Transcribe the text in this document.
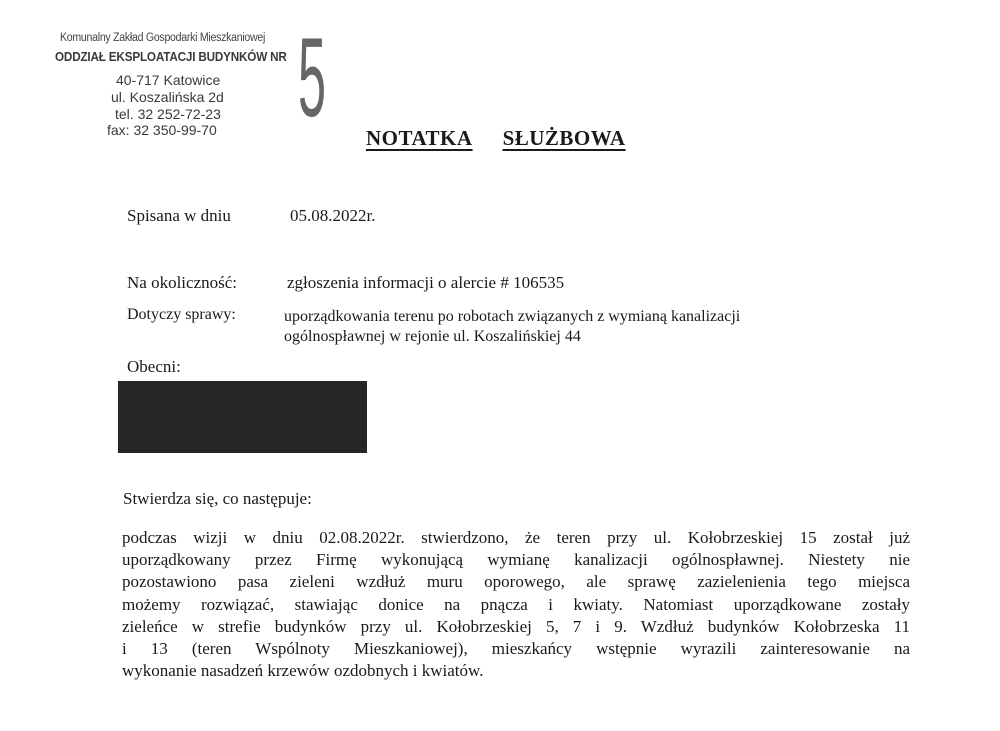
Komunalny Zakład Gospodarki Mieszkaniowej
ODDZIAŁ EKSPLOATACJI BUDYNKÓW NR 5
40-717 Katowice
ul. Koszalińska 2d
tel. 32 252-72-23
fax: 32 350-99-70	NOTATKA SŁUŻBOWA
Spisana w dniu	05.08.2022r.
Na okoliczność:	zgłoszenia informacji o alercie # 106535
Dotyczy sprawy:	uporządkowania terenu po robotach związanych z wymianą kanalizacji
ogólnospławnej w rejonie ul. Koszalińskiej 44
Obecni:
Stwierdza się, co następuje:
podczas wizji w dniu 02.08.2022r. stwierdzono, że teren przy ul. Kołobrzeskiej 15 został już
uporządkowany przez Firmę wykonującą wymianę kanalizacji ogólnospławnej. Niestety nie
pozostawiono pasa zieleni wzdłuż muru oporowego, ale sprawę zazielenienia tego miejsca
możemy rozwiązać, stawiając donice na pnącza i kwiaty. Natomiast uporządkowane zostały
zieleńce w strefie budynków przy ul. Kołobrzeskiej 5, 7 i 9. Wzdłuż budynków Kołobrzeska 11
i 13 (teren Wspólnoty Mieszkaniowej), mieszkańcy wstępnie wyrazili zainteresowanie na
wykonanie nasadzeń krzewów ozdobnych i kwiatów.
